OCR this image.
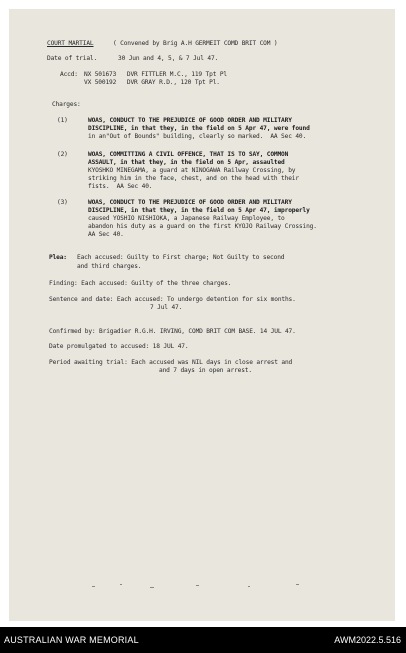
COURT MARTIAL	( Convened by Brig A.H GERMEIT COMD BRIT COM )
Date of trial.	30 Jun and 4, 5, & 7 Jul 47.
Accd: NX 501673   DVR FITTLER M.C., 119 Tpt Pl
VX 500192   DVR GRAY R.D., 120 Tpt Pl.
Charges:
(1)	WOAS, CONDUCT TO THE PREJUDICE OF GOOD ORDER AND MILITARY
DISCIPLINE, in that they, in the field on 5 Apr 47, were found
in an"Out of Bounds" building, clearly so marked.  AA Sec 40.
(2)	WOAS, COMMITTING A CIVIL OFFENCE, THAT IS TO SAY, COMMON
ASSAULT, in that they, in the field on 5 Apr, assaulted
KYOSHKO MINEGAMA, a guard at NINOGAWA Railway Crossing, by
striking him in the face, chest, and on the head with their
fists.  AA Sec 40.
(3)	WOAS, CONDUCT TO THE PREJUDICE OF GOOD ORDER AND MILITARY
DISCIPLINE, in that they, in the field on 5 Apr 47, improperly
caused YOSHIO NISHIOKA, a Japanese Railway Employee, to
abandon his duty as a guard on the first KYOJO Railway Crossing.
AA Sec 40.
Plea: Each accused: Guilty to First charge; Not Guilty to second
and third charges.
Finding: Each accused: Guilty of the three charges.
Sentence and date: Each accused: To undergo detention for six months.
7 Jul 47.
Confirmed by: Brigadier R.G.H. IRVING, COMD BRIT COM BASE. 14 JUL 47.
Date promulgated to accused: 18 JUL 47.
Period awaiting trial: Each accused was NIL days in close arrest and
and 7 days in open arrest.
AUSTRALIAN WAR MEMORIAL	AWM2022.5.516
